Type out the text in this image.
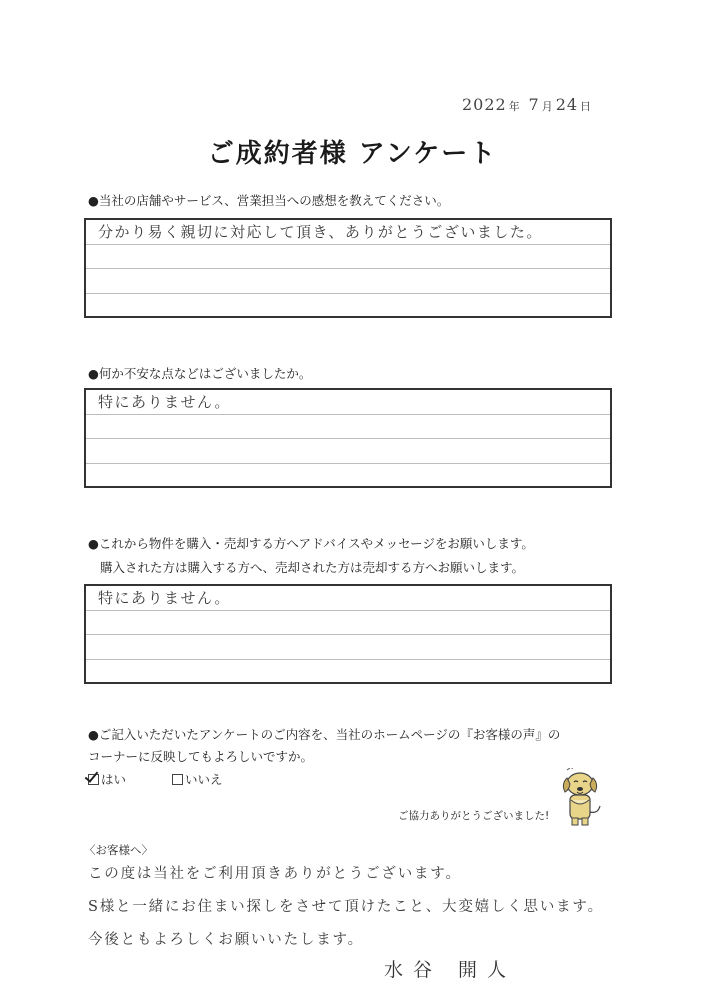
2022 年 7 月 24 日
ご成約者様 アンケート
●当社の店舗やサービス、営業担当への感想を教えてください。
分かり易く親切に対応して頂き、ありがとうございました。
●何か不安な点などはございましたか。
特にありません。
●これから物件を購入・売却する方へアドバイスやメッセージをお願いします。
購入された方は購入する方へ、売却された方は売却する方へお願いします。
特にありません。
●ご記入いただいたアンケートのご内容を、当社のホームページの『お客様の声』の
コーナーに反映してもよろしいですか。
はい	いいえ
ご協力ありがとうございました!
〈お客様へ〉
この度は当社をご利用頂きありがとうございます。
S様と一緒にお住まい探しをさせて頂けたこと、大変嬉しく思います。
今後ともよろしくお願いいたします。
水谷 開人
